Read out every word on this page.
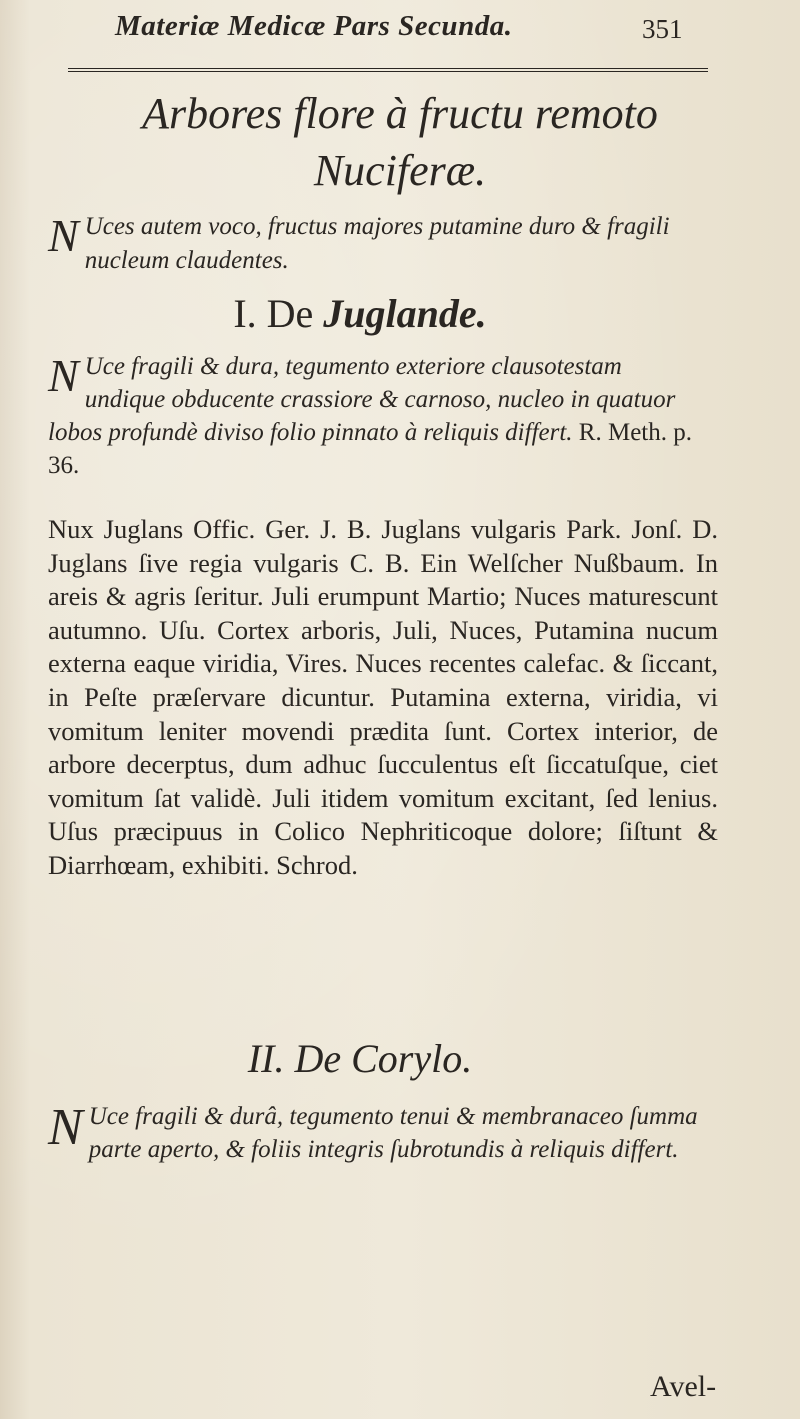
Materiæ Medicæ Pars Secunda.	351
Arbores flore à fructu remoto
Nuciferæ.
N Uces autem voco, fructus majores putamine duro & fragili nucleum claudentes.
I. De Juglande.
N Uce fragili & dura, tegumento exteriore clausotestam undique obducente crassiore & carnoso, nucleo in quatuor lobos profundè diviso folio pinnato à reliquis differt. R. Meth. p. 36.
Nux Juglans Offic. Ger. J. B. Juglans vulgaris Park. Jonſ. D. Juglans ſive regia vulgaris C. B. Ein Welſcher Nußbaum. In areis & agris ſeritur. Juli erumpunt Martio; Nuces maturescunt autumno. Uſu. Cortex arboris, Juli, Nuces, Putamina nucum externa eaque viridia, Vires. Nuces recentes calefac. & ſiccant, in Peſte præſervare dicuntur. Putamina externa, viridia, vi vomitum leniter movendi prædita ſunt. Cortex interior, de arbore decerptus, dum adhuc ſucculentus eſt ſiccatuſque, ciet vomitum ſat validè. Juli itidem vomitum excitant, ſed lenius. Uſus præcipuus in Colico Nephriticoque dolore; ſiſtunt & Diarrhœam, exhibiti. Schrod.
II. De Corylo.
N Uce fragili & durâ, tegumento tenui & membranaceo ſumma parte aperto, & foliis integris ſubrotundis à reliquis differt.
Avel-
